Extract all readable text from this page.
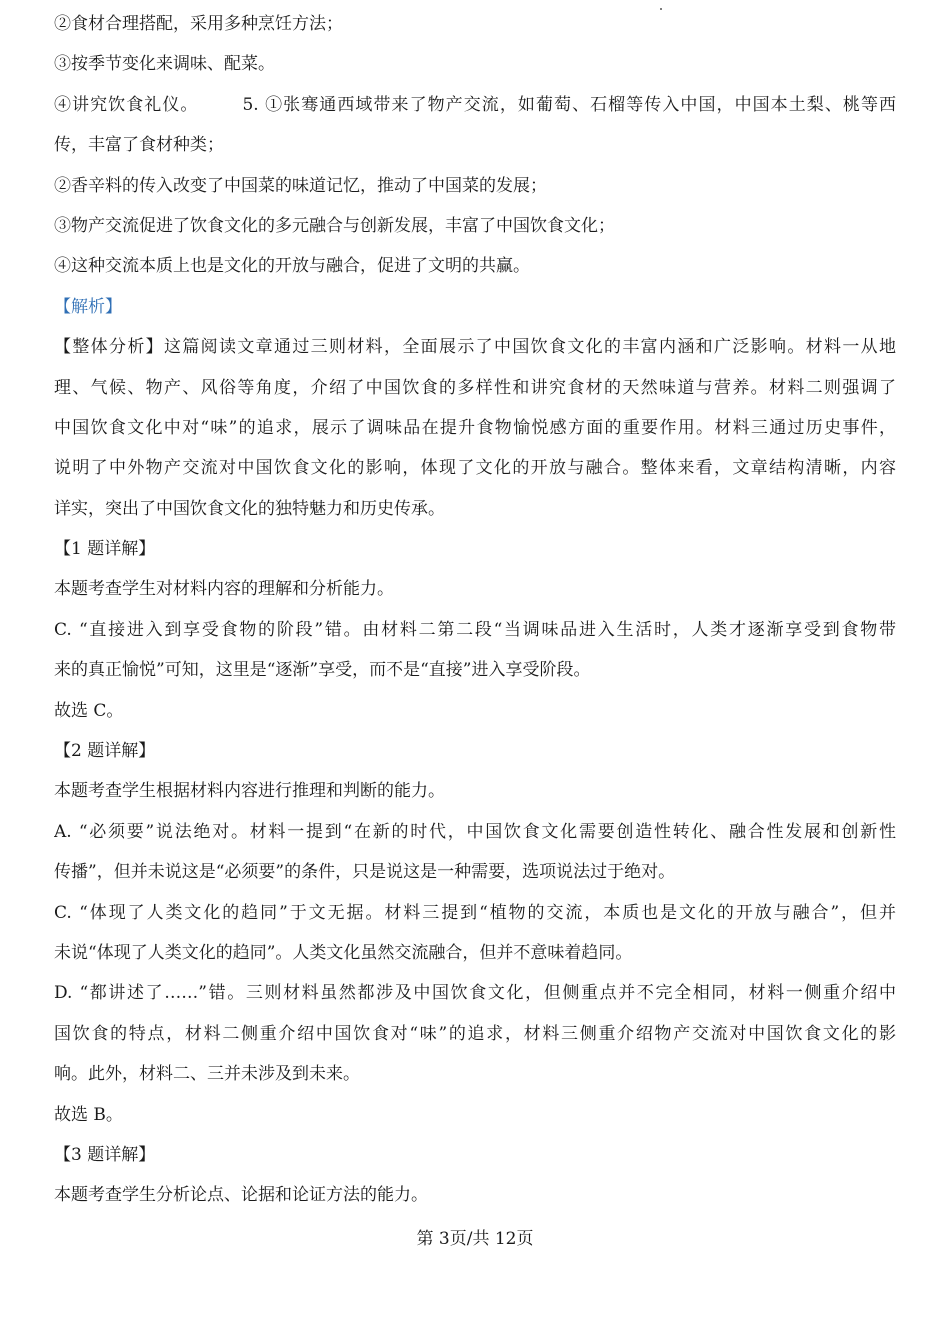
②食材合理搭配，采用多种烹饪方法；

③按季节变化来调味、配菜。

④讲究饮食礼仪。	5. ①张骞通西域带来了物产交流，如葡萄、石榴等传入中国，中国本土梨、桃等西

传，丰富了食材种类；

②香辛料的传入改变了中国菜的味道记忆，推动了中国菜的发展；

③物产交流促进了饮食文化的多元融合与创新发展，丰富了中国饮食文化；

④这种交流本质上也是文化的开放与融合，促进了文明的共赢。

【解析】

【整体分析】这篇阅读文章通过三则材料，全面展示了中国饮食文化的丰富内涵和广泛影响。材料一从地

理、气候、物产、风俗等角度，介绍了中国饮食的多样性和讲究食材的天然味道与营养。材料二则强调了

中国饮食文化中对“味”的追求，展示了调味品在提升食物愉悦感方面的重要作用。材料三通过历史事件，

说明了中外物产交流对中国饮食文化的影响，体现了文化的开放与融合。整体来看，文章结构清晰，内容

详实，突出了中国饮食文化的独特魅力和历史传承。

【1 题详解】

本题考查学生对材料内容的理解和分析能力。

C. “直接进入到享受食物的阶段”错。由材料二第二段“当调味品进入生活时，人类才逐渐享受到食物带

来的真正愉悦”可知，这里是“逐渐”享受，而不是“直接”进入享受阶段。

故选 C。

【2 题详解】

本题考查学生根据材料内容进行推理和判断的能力。

A. “必须要”说法绝对。材料一提到“在新的时代，中国饮食文化需要创造性转化、融合性发展和创新性

传播”，但并未说这是“必须要”的条件，只是说这是一种需要，选项说法过于绝对。

C. “体现了人类文化的趋同”于文无据。材料三提到“植物的交流，本质也是文化的开放与融合”，但并

未说“体现了人类文化的趋同”。人类文化虽然交流融合，但并不意味着趋同。

D. “都讲述了……”错。三则材料虽然都涉及中国饮食文化，但侧重点并不完全相同，材料一侧重介绍中

国饮食的特点，材料二侧重介绍中国饮食对“味”的追求，材料三侧重介绍物产交流对中国饮食文化的影

响。此外，材料二、三并未涉及到未来。

故选 B。

【3 题详解】

本题考查学生分析论点、论据和论证方法的能力。

第 3页/共 12页
